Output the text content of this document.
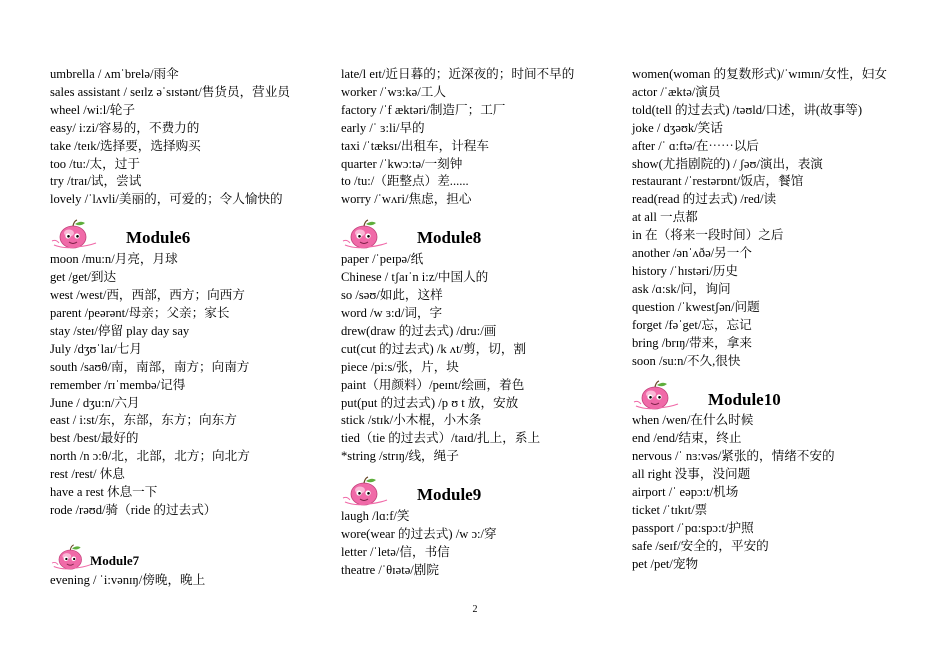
umbrella / ʌmˈbrelə/雨伞
sales assistant / seɪlz əˈsɪstənt/售货员，营业员
wheel /wi:l/轮子
easy/ i:zi/容易的，不费力的
take /teɪk/选择要，选择购买
too /tu:/太，过于
try /traɪ/试，尝试
lovely /ˈlʌvli/美丽的，可爱的；令人愉快的
Module6
moon /mu:n/月亮，月球
get /get/到达
west /west/西，西部，西方；向西方
parent /peərənt/母亲；父亲；家长
stay /steɪ/停留 play day say
July /dʒʊˈlaɪ/七月
south /saʊθ/南，南部，南方；向南方
remember /rɪˈmembə/记得
June / dʒu:n/六月
east / i:st/东，东部，东方；向东方
best /best/最好的
north /n ɔ:θ/北，北部，北方；向北方
rest /rest/ 休息
have a rest 休息一下
rode /rəʊd/骑（ride 的过去式）
Module7
evening / ˈi:vənɪŋ/傍晚，晚上
late/l eɪt/近日暮的；近深夜的；时间不早的
worker /ˈwɜ:kə/工人
factory /ˈf æktəri/制造厂；工厂
early /ˈ ɜ:li/早的
taxi /ˈtæksɪ/出租车，计程车
quarter /ˈkwɔ:tə/一刻钟
to /tu:/（距整点）差......
worry /ˈwʌri/焦虑，担心
Module8
paper /ˈpeɪpə/纸
Chinese / tʃaɪˈn i:z/中国人的
so /səʊ/如此，这样
word /w ɜ:d/词，字
drew(draw 的过去式) /dru:/画
cut(cut 的过去式) /k ʌt/剪，切，割
piece /pi:s/张，片，块
paint（用颜料）/peɪnt/绘画，着色
put(put 的过去式) /p ʊ t 放，安放
stick /stɪk/小木棍，小木条
tied（tie 的过去式）/taɪd/扎上，系上
*string /strɪŋ/线，绳子
Module9
laugh /lɑ:f/笑
wore(wear 的过去式) /w ɔ:/穿
letter /ˈletə/信，书信
theatre /ˈθɪətə/剧院
women(woman 的复数形式)/ˈwɪmɪn/女性，妇女
actor /ˈæktə/演员
told(tell 的过去式) /təʊld/口述，讲(故事等)
joke / dʒəʊk/笑话
after /ˈ ɑ:ftə/在⋯⋯以后
show(尤指剧院的) / ʃəʊ/演出，表演
restaurant /ˈrestərɒnt/饭店，餐馆
read(read 的过去式) /red/读
at all 一点都
in 在（将来一段时间）之后
another /ənˈʌðə/另一个
history /ˈhɪstəri/历史
ask /ɑ:sk/问，询问
question /ˈkwestʃən/问题
forget /fəˈget/忘，忘记
bring /brɪŋ/带来，拿来
soon /su:n/不久,很快
Module10
when /wen/在什么时候
end /end/结束，终止
nervous /ˈ nɜ:vəs/紧张的，情绪不安的
all right 没事，没问题
airport /ˈ eəpɔ:t/机场
ticket /ˈtɪkɪt/票
passport /ˈpɑ:spɔ:t/护照
safe /seɪf/安全的，平安的
pet /pet/宠物
2
